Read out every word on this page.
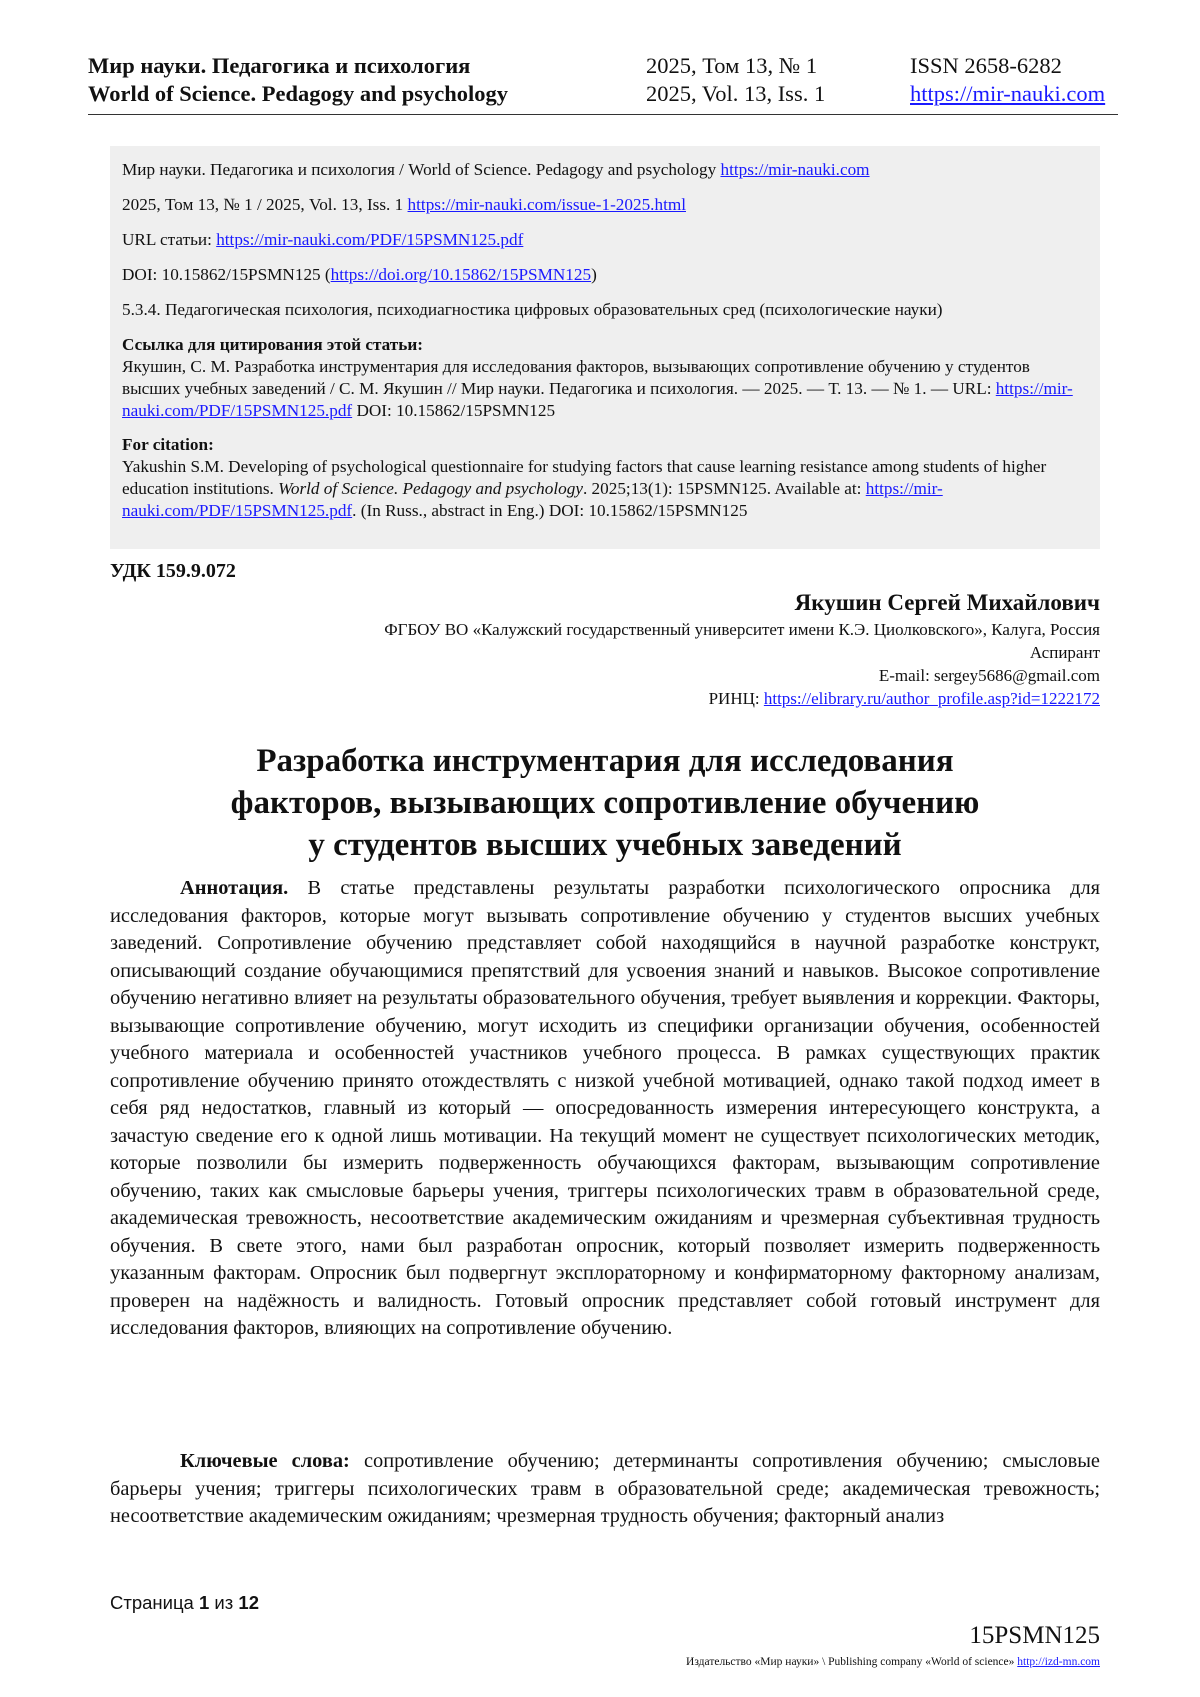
Мир науки. Педагогика и психология
World of Science. Pedagogy and psychology
2025, Том 13, № 1
2025, Vol. 13, Iss. 1
ISSN 2658-6282
https://mir-nauki.com

Мир науки. Педагогика и психология / World of Science. Pedagogy and psychology https://mir-nauki.com

2025, Том 13, № 1 / 2025, Vol. 13, Iss. 1 https://mir-nauki.com/issue-1-2025.html

URL статьи: https://mir-nauki.com/PDF/15PSMN125.pdf

DOI: 10.15862/15PSMN125 (https://doi.org/10.15862/15PSMN125)

5.3.4. Педагогическая психология, психодиагностика цифровых образовательных сред (психологические науки)

Ссылка для цитирования этой статьи:

Якушин, С. М. Разработка инструментария для исследования факторов, вызывающих сопротивление обучению у студентов высших учебных заведений / С. М. Якушин // Мир науки. Педагогика и психология. — 2025. — Т. 13. — № 1. — URL: https://mir-nauki.com/PDF/15PSMN125.pdf DOI: 10.15862/15PSMN125

For citation:

Yakushin S.M. Developing of psychological questionnaire for studying factors that cause learning resistance among students of higher education institutions. World of Science. Pedagogy and psychology. 2025;13(1): 15PSMN125. Available at: https://mir-nauki.com/PDF/15PSMN125.pdf. (In Russ., abstract in Eng.) DOI: 10.15862/15PSMN125

УДК 159.9.072
Якушин Сергей Михайлович
ФГБОУ ВО «Калужский государственный университет имени К.Э. Циолковского», Калуга, Россия
Аспирант
E-mail: sergey5686@gmail.com
РИНЦ: https://elibrary.ru/author_profile.asp?id=1222172
Разработка инструментария для исследования
факторов, вызывающих сопротивление обучению
у студентов высших учебных заведений
Аннотация. В статье представлены результаты разработки психологического опросника для исследования факторов, которые могут вызывать сопротивление обучению у студентов высших учебных заведений. Сопротивление обучению представляет собой находящийся в научной разработке конструкт, описывающий создание обучающимися препятствий для усвоения знаний и навыков. Высокое сопротивление обучению негативно влияет на результаты образовательного обучения, требует выявления и коррекции. Факторы, вызывающие сопротивление обучению, могут исходить из специфики организации обучения, особенностей учебного материала и особенностей участников учебного процесса. В рамках существующих практик сопротивление обучению принято отождествлять с низкой учебной мотивацией, однако такой подход имеет в себя ряд недостатков, главный из который — опосредованность измерения интересующего конструкта, а зачастую сведение его к одной лишь мотивации. На текущий момент не существует психологических методик, которые позволили бы измерить подверженность обучающихся факторам, вызывающим сопротивление обучению, таких как смысловые барьеры учения, триггеры психологических травм в образовательной среде, академическая тревожность, несоответствие академическим ожиданиям и чрезмерная субъективная трудность обучения. В свете этого, нами был разработан опросник, который позволяет измерить подверженность указанным факторам. Опросник был подвергнут эксплораторному и конфирматорному факторному анализам, проверен на надёжность и валидность. Готовый опросник представляет собой готовый инструмент для исследования факторов, влияющих на сопротивление обучению.
Ключевые слова: сопротивление обучению; детерминанты сопротивления обучению; смысловые барьеры учения; триггеры психологических травм в образовательной среде; академическая тревожность; несоответствие академическим ожиданиям; чрезмерная трудность обучения; факторный анализ
Страница 1 из 12
15PSMN125
Издательство «Мир науки» \ Publishing company «World of science» http://izd-mn.com
